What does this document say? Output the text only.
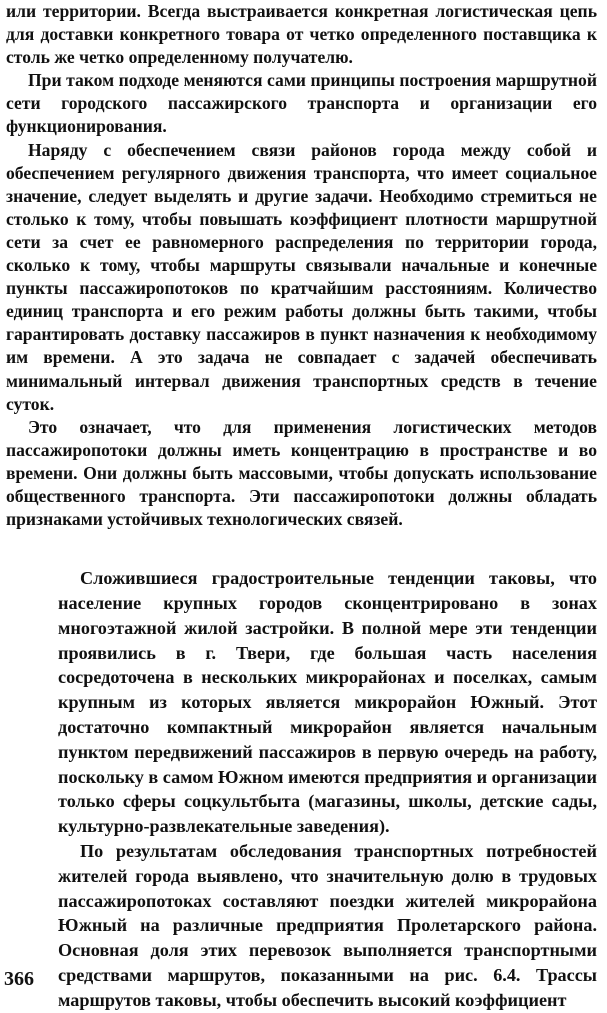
или территории. Всегда выстраивается конкретная логистическая цепь для доставки конкретного товара от четко определенного поставщика к столь же четко определенному получателю.

При таком подходе меняются сами принципы построения маршрутной сети городского пассажирского транспорта и организации его функционирования.

Наряду с обеспечением связи районов города между собой и обеспечением регулярного движения транспорта, что имеет социальное значение, следует выделять и другие задачи. Необходимо стремиться не столько к тому, чтобы повышать коэффициент плотности маршрутной сети за счет ее равномерного распределения по территории города, сколько к тому, чтобы маршруты связывали начальные и конечные пункты пассажиропотоков по кратчайшим расстояниям. Количество единиц транспорта и его режим работы должны быть такими, чтобы гарантировать доставку пассажиров в пункт назначения к необходимому им времени. А это задача не совпадает с задачей обеспечивать минимальный интервал движения транспортных средств в течение суток.

Это означает, что для применения логистических методов пассажиропотоки должны иметь концентрацию в пространстве и во времени. Они должны быть массовыми, чтобы допускать использование общественного транспорта. Эти пассажиропотоки должны обладать признаками устойчивых технологических связей.

Сложившиеся градостроительные тенденции таковы, что население крупных городов сконцентрировано в зонах многоэтажной жилой застройки. В полной мере эти тенденции проявились в г. Твери, где большая часть населения сосредоточена в нескольких микрорайонах и поселках, самым крупным из которых является микрорайон Южный. Этот достаточно компактный микрорайон является начальным пунктом передвижений пассажиров в первую очередь на работу, поскольку в самом Южном имеются предприятия и организации только сферы соцкультбыта (магазины, школы, детские сады, культурно-развлекательные заведения).

По результатам обследования транспортных потребностей жителей города выявлено, что значительную долю в трудовых пассажиропотоках составляют поездки жителей микрорайона Южный на различные предприятия Пролетарского района. Основная доля этих перевозок выполняется транспортными средствами маршрутов, показанными на рис. 6.4. Трассы маршрутов таковы, чтобы обеспечить высокий коэффициент

366
